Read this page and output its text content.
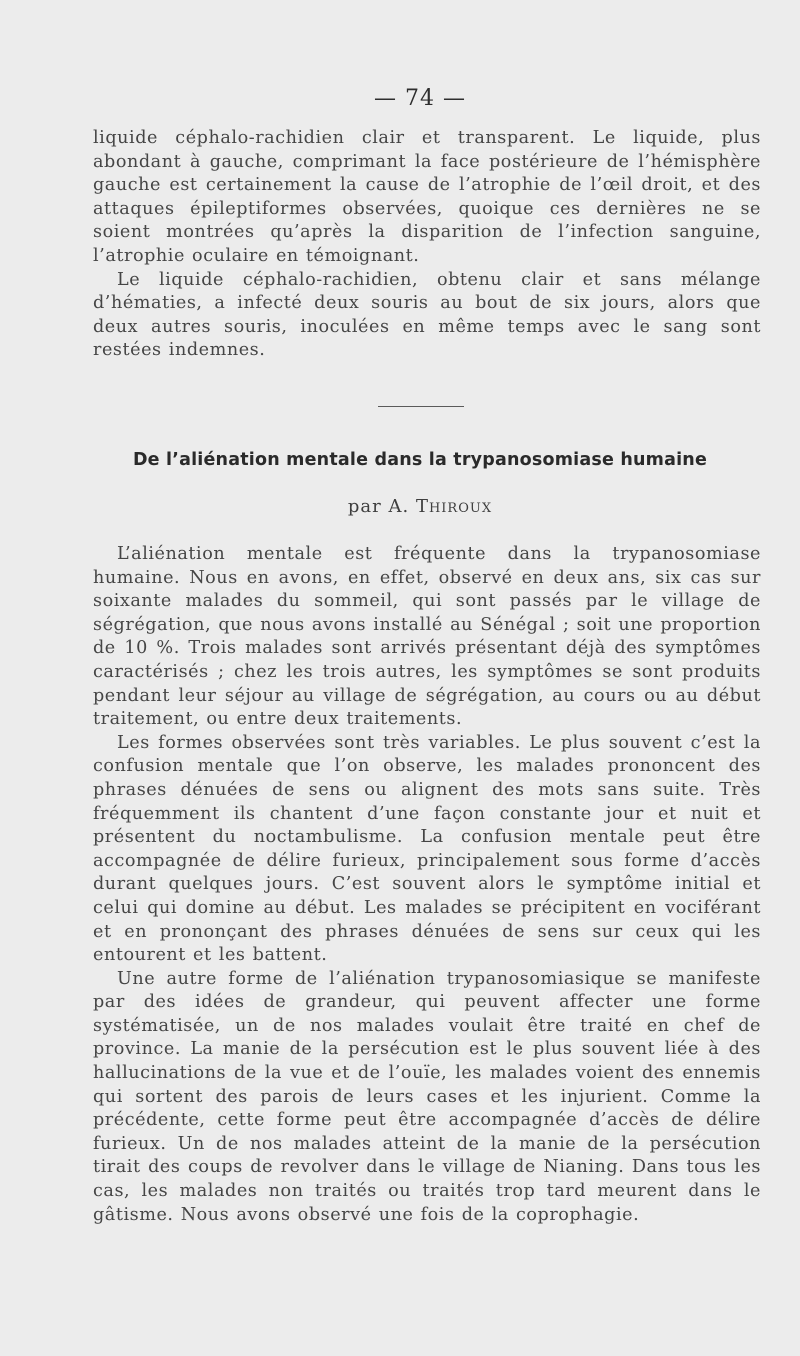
— 74 —

liquide céphalo-rachidien clair et transparent. Le liquide, plus abondant à gauche, comprimant la face postérieure de l’hémisphère gauche est certainement la cause de l’atrophie de l’œil droit, et des attaques épileptiformes observées, quoique ces dernières ne se soient montrées qu’après la disparition de l’infection sanguine, l’atrophie oculaire en témoignant.

Le liquide céphalo-rachidien, obtenu clair et sans mélange d’hématies, a infecté deux souris au bout de six jours, alors que deux autres souris, inoculées en même temps avec le sang sont restées indemnes.

De l’aliénation mentale dans la trypanosomiase humaine
par A. Thiroux

L’aliénation mentale est fréquente dans la trypanosomiase humaine. Nous en avons, en effet, observé en deux ans, six cas sur soixante malades du sommeil, qui sont passés par le village de ségrégation, que nous avons installé au Sénégal ; soit une proportion de 10 %. Trois malades sont arrivés présentant déjà des symptômes caractérisés ; chez les trois autres, les symptômes se sont produits pendant leur séjour au village de ségrégation, au cours ou au début traitement, ou entre deux traitements.

Les formes observées sont très variables. Le plus souvent c’est la confusion mentale que l’on observe, les malades prononcent des phrases dénuées de sens ou alignent des mots sans suite. Très fréquemment ils chantent d’une façon constante jour et nuit et présentent du noctambulisme. La confusion mentale peut être accompagnée de délire furieux, principalement sous forme d’accès durant quelques jours. C’est souvent alors le symptôme initial et celui qui domine au début. Les malades se précipitent en vociférant et en prononçant des phrases dénuées de sens sur ceux qui les entourent et les battent.

Une autre forme de l’aliénation trypanosomiasique se manifeste par des idées de grandeur, qui peuvent affecter une forme systématisée, un de nos malades voulait être traité en chef de province. La manie de la persécution est le plus souvent liée à des hallucinations de la vue et de l’ouïe, les malades voient des ennemis qui sortent des parois de leurs cases et les injurient. Comme la précédente, cette forme peut être accompagnée d’accès de délire furieux. Un de nos malades atteint de la manie de la persécution tirait des coups de revolver dans le village de Nianing. Dans tous les cas, les malades non traités ou traités trop tard meurent dans le gâtisme. Nous avons observé une fois de la coprophagie.
